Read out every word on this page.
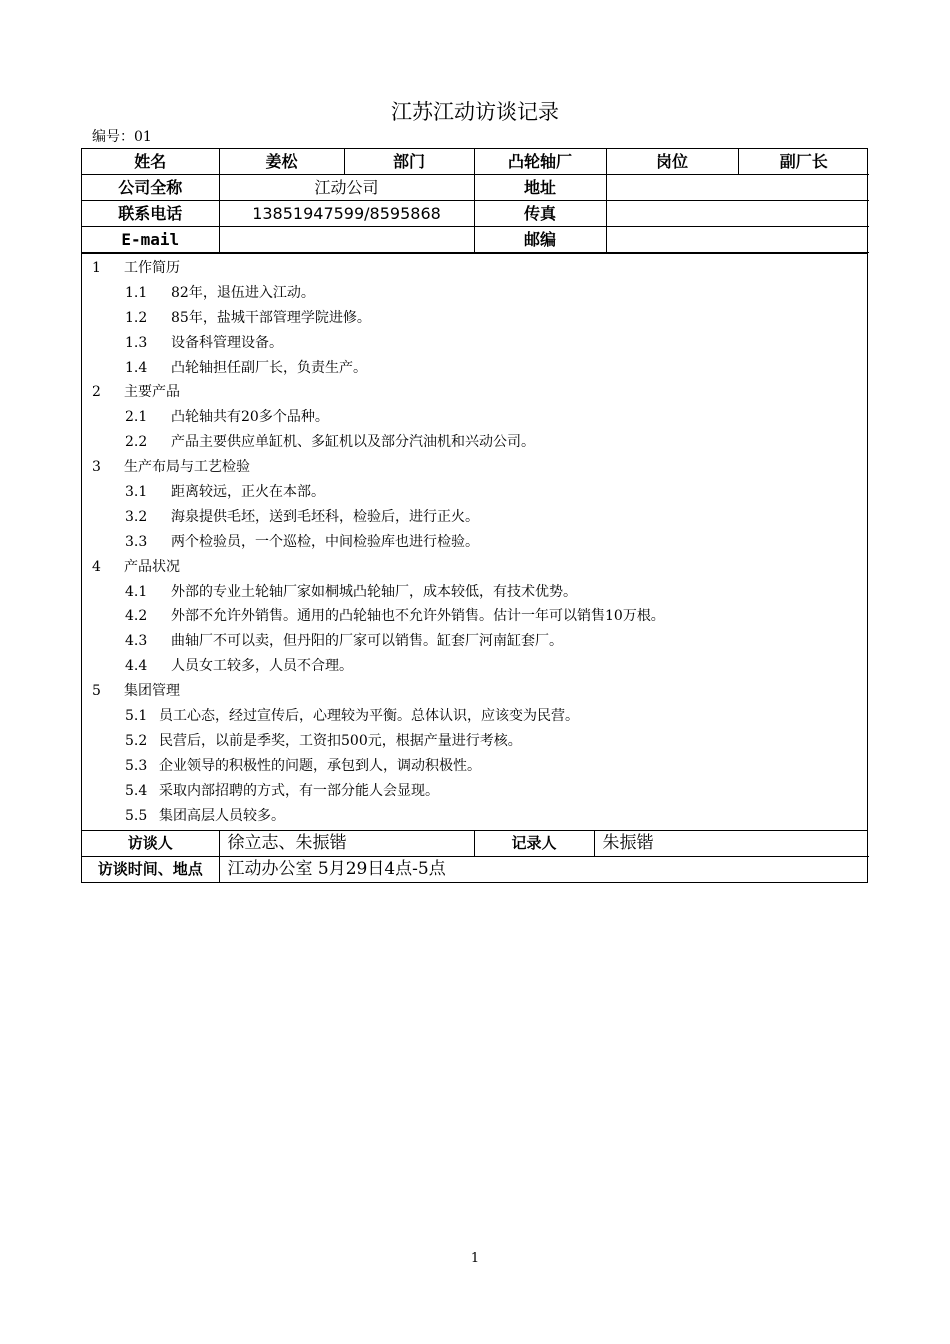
江苏江动访谈记录
编号：01
姓名	姜松	部门	凸轮轴厂	岗位	副厂长
公司全称	江动公司		地址		
联系电话	13851947599/8595868		传真		
E-mail			邮编		
1 工作简历
1.1 82年，退伍进入江动。
1.2 85年，盐城干部管理学院进修。
1.3 设备科管理设备。
1.4 凸轮轴担任副厂长，负责生产。
2 主要产品
2.1 凸轮轴共有20多个品种。
2.2 产品主要供应单缸机、多缸机以及部分汽油机和兴动公司。
3 生产布局与工艺检验
3.1 距离较远，正火在本部。
3.2 海泉提供毛坯，送到毛坯科，检验后，进行正火。
3.3 两个检验员，一个巡检，中间检验库也进行检验。
4 产品状况
4.1 外部的专业土轮轴厂家如桐城凸轮轴厂，成本较低，有技术优势。
4.2 外部不允许外销售。通用的凸轮轴也不允许外销售。估计一年可以销售10万根。
4.3 曲轴厂不可以卖，但丹阳的厂家可以销售。缸套厂河南缸套厂。
4.4 人员女工较多，人员不合理。
5 集团管理
5.1 员工心态，经过宣传后，心理较为平衡。总体认识，应该变为民营。
5.2 民营后，以前是季奖，工资扣500元，根据产量进行考核。
5.3 企业领导的积极性的问题，承包到人，调动积极性。
5.4 采取内部招聘的方式，有一部分能人会显现。
5.5 集团高层人员较多。
访谈人	徐立志、朱振锴	记录人	朱振锴
访谈时间、地点	江动办公室 5月29日4点-5点		
1
